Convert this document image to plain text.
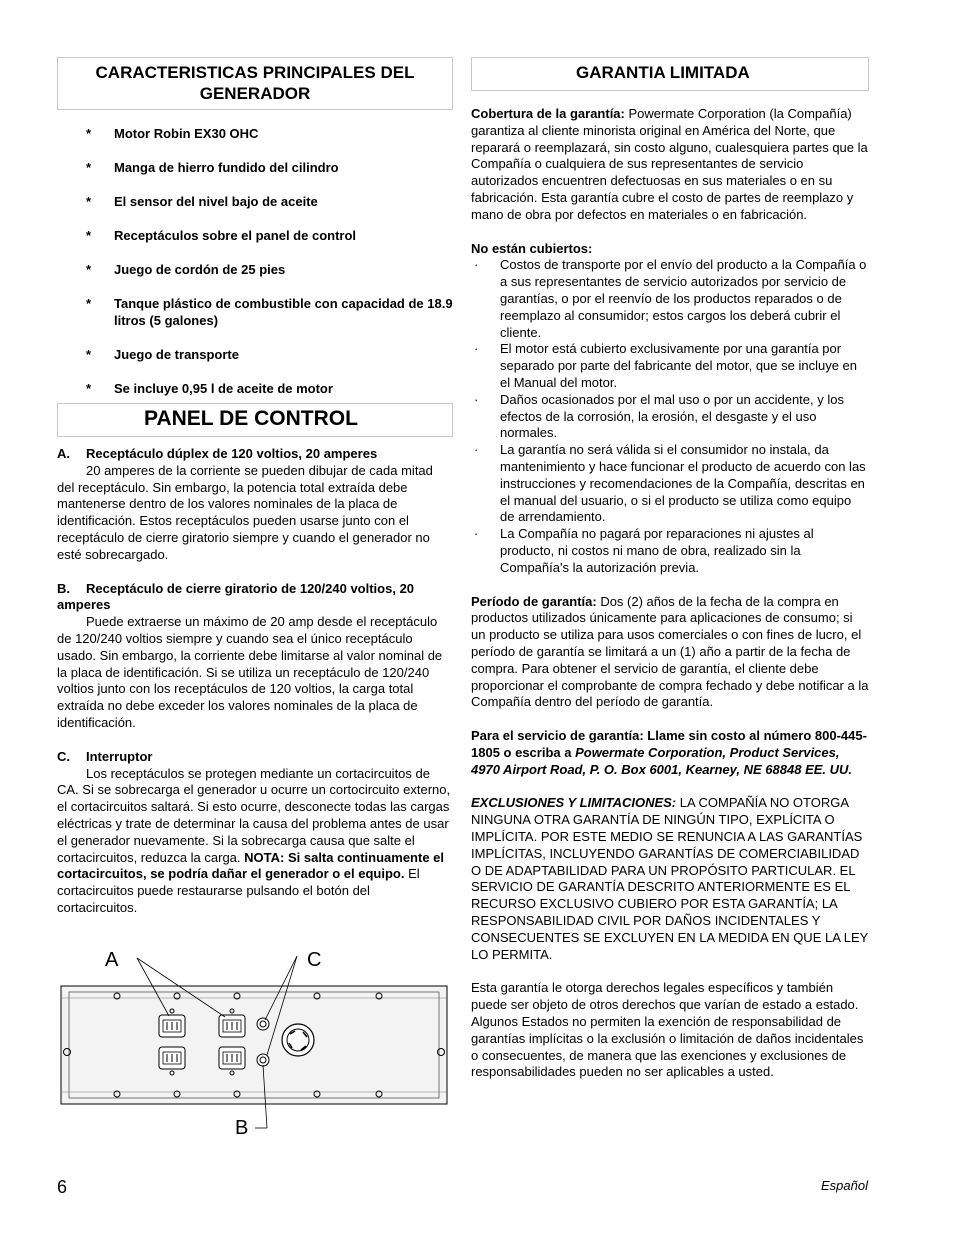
CARACTERISTICAS PRINCIPALES DEL GENERADOR
* Motor Robin EX30 OHC
* Manga de hierro fundido del cilindro
* El sensor del nivel bajo de aceite
* Receptáculos sobre el panel de control
* Juego de cordón de 25 pies
* Tanque plástico de combustible con capacidad de 18.9 litros (5 galones)
* Juego de transporte
* Se incluye 0,95 l de aceite de motor
PANEL DE CONTROL
A. Receptáculo dúplex de 120 voltios, 20 amperes

20 amperes de la corriente se pueden dibujar de cada mitad del receptáculo. Sin embargo, la potencia total extraída debe mantenerse dentro de los valores nominales de la placa de identificación. Estos receptáculos pueden usarse junto con el receptáculo de cierre giratorio siempre y cuando el generador no esté sobrecargado.

B. Receptáculo de cierre giratorio de 120/240 voltios, 20 amperes

Puede extraerse un máximo de 20 amp desde el receptáculo de 120/240 voltios siempre y cuando sea el único receptáculo usado. Sin embargo, la corriente debe limitarse al valor nominal de la placa de identificación. Si se utiliza un receptáculo de 120/240 voltios junto con los receptáculos de 120 voltios, la carga total extraída no debe exceder los valores nominales de la placa de identificación.

C. Interruptor

Los receptáculos se protegen mediante un cortacircuitos de CA. Si se sobrecarga el generador u ocurre un cortocircuito externo, el cortacircuitos saltará. Si esto ocurre, desconecte todas las cargas eléctricas y trate de determinar la causa del problema antes de usar el generador nuevamente. Si la sobrecarga causa que salte el cortacircuitos, reduzca la carga. NOTA: Si salta continuamente el cortacircuitos, se podría dañar el generador o el equipo. El cortacircuitos puede restaurarse pulsando el botón del cortacircuitos.

A	C
B
GARANTIA LIMITADA

Cobertura de la garantía: Powermate Corporation (la Compañía) garantiza al cliente minorista original en América del Norte, que reparará o reemplazará, sin costo alguno, cualesquiera partes que la Compañía o cualquiera de sus representantes de servicio autorizados encuentren defectuosas en sus materiales o en su fabricación. Esta garantía cubre el costo de partes de reemplazo y mano de obra por defectos en materiales o en fabricación.

No están cubiertos:

· Costos de transporte por el envío del producto a la Compañía o a sus representantes de servicio autorizados por servicio de garantías, o por el reenvío de los productos reparados o de reemplazo al consumidor; estos cargos los deberá cubrir el cliente.
· El motor está cubierto exclusivamente por una garantía por separado por parte del fabricante del motor, que se incluye en el Manual del motor.
· Daños ocasionados por el mal uso o por un accidente, y los efectos de la corrosión, la erosión, el desgaste y el uso normales.
· La garantía no será válida si el consumidor no instala, da mantenimiento y hace funcionar el producto de acuerdo con las instrucciones y recomendaciones de la Compañía, descritas en el manual del usuario, o si el producto se utiliza como equipo de arrendamiento.
· La Compañía no pagará por reparaciones ni ajustes al producto, ni costos ni mano de obra, realizado sin la Compañía's la autorización previa.

Período de garantía: Dos (2) años de la fecha de la compra en productos utilizados únicamente para aplicaciones de consumo; si un producto se utiliza para usos comerciales o con fines de lucro, el período de garantía se limitará a un (1) año a partir de la fecha de compra. Para obtener el servicio de garantía, el cliente debe proporcionar el comprobante de compra fechado y debe notificar a la Compañía dentro del período de garantía.

Para el servicio de garantía: Llame sin costo al número 800-445-1805 o escriba a Powermate Corporation, Product Services, 4970 Airport Road, P. O. Box 6001, Kearney, NE 68848 EE. UU.

EXCLUSIONES Y LIMITACIONES: LA COMPAÑÍA NO OTORGA NINGUNA OTRA GARANTÍA DE NINGÚN TIPO, EXPLÍCITA O IMPLÍCITA. POR ESTE MEDIO SE RENUNCIA A LAS GARANTÍAS IMPLÍCITAS, INCLUYENDO GARANTÍAS DE COMERCIABILIDAD O DE ADAPTABILIDAD PARA UN PROPÓSITO PARTICULAR. EL SERVICIO DE GARANTÍA DESCRITO ANTERIORMENTE ES EL RECURSO EXCLUSIVO CUBIERO POR ESTA GARANTÍA; LA RESPONSABILIDAD CIVIL POR DAÑOS INCIDENTALES Y CONSECUENTES SE EXCLUYEN EN LA MEDIDA EN QUE LA LEY LO PERMITA.

Esta garantía le otorga derechos legales específicos y también puede ser objeto de otros derechos que varían de estado a estado. Algunos Estados no permiten la exención de responsabilidad de garantías implícitas o la exclusión o limitación de daños incidentales o consecuentes, de manera que las exenciones y exclusiones de responsabilidades pueden no ser aplicables a usted.

6	Español
